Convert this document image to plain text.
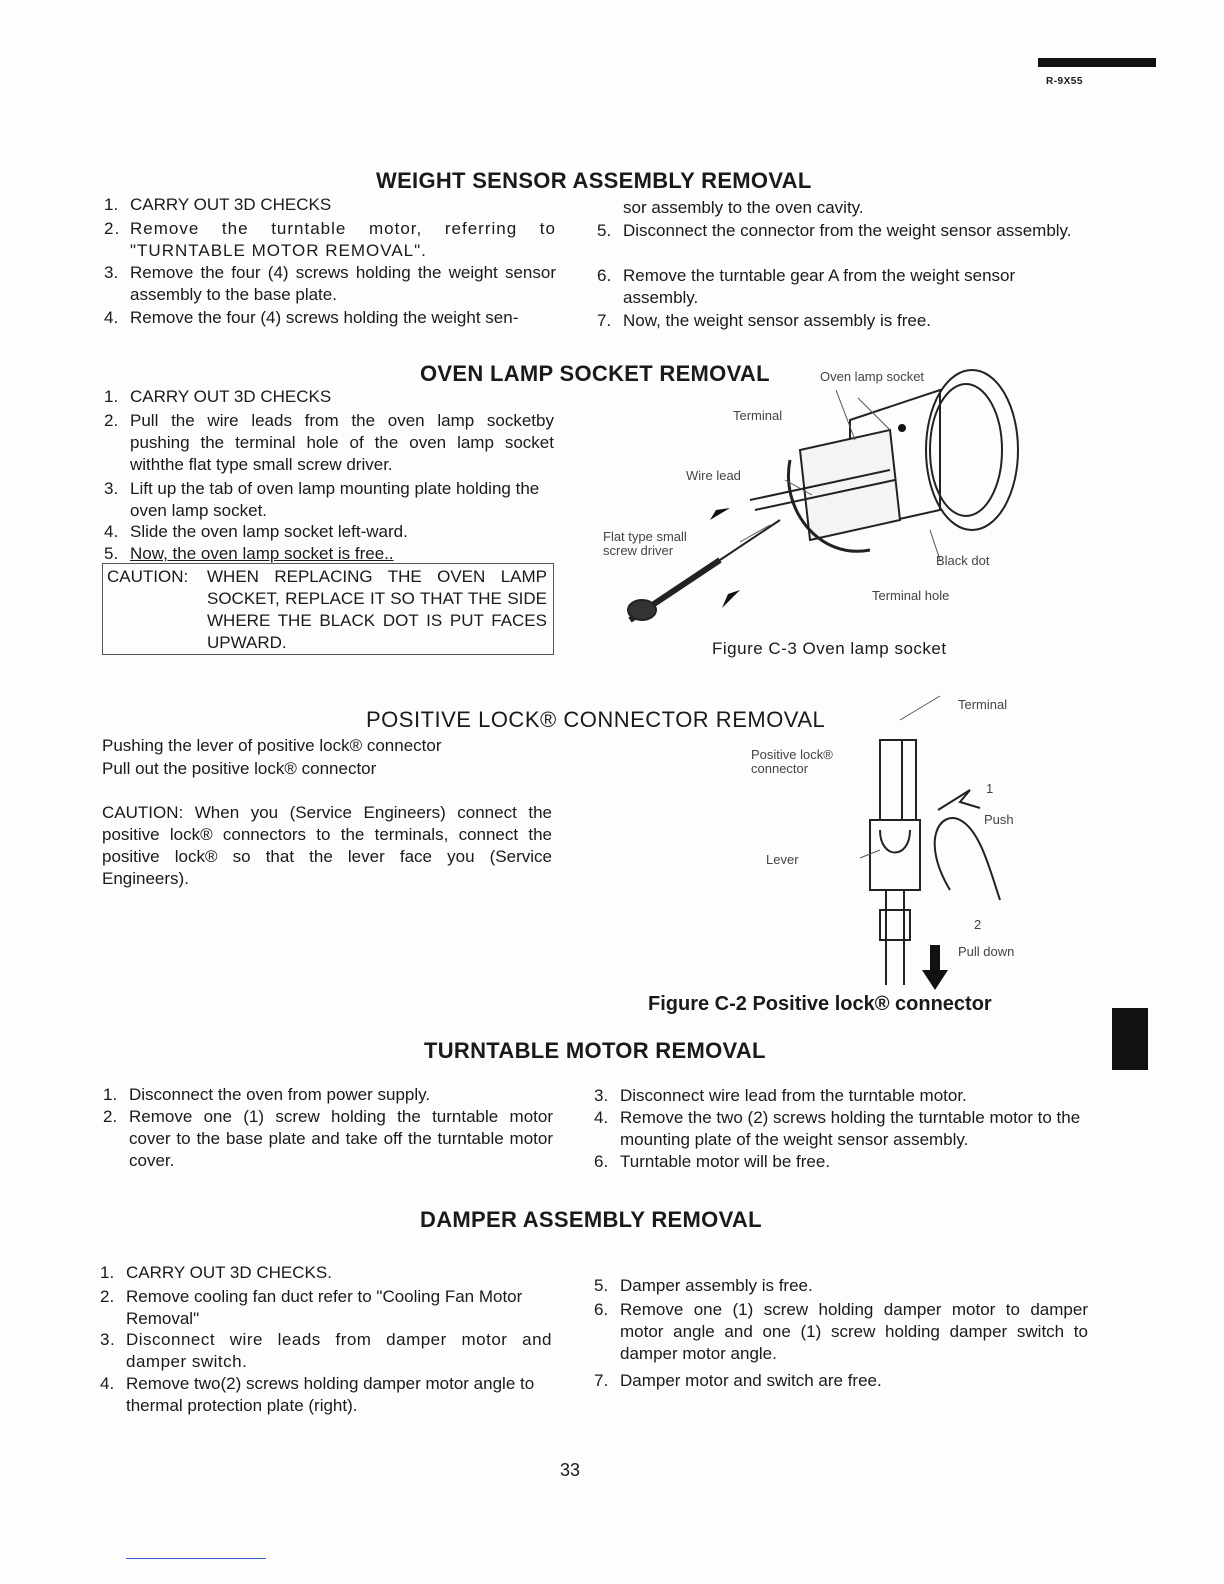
R-9X55
WEIGHT SENSOR ASSEMBLY REMOVAL
1. CARRY OUT 3D CHECKS
2. Remove the turntable motor, referring to "TURNTABLE MOTOR REMOVAL".
3. Remove the four (4) screws holding the weight sensor assembly to the base plate.
4. Remove the four (4) screws holding the weight sen-
sor assembly to the oven cavity.
5. Disconnect the connector from the weight sensor assembly.
6. Remove the turntable gear A from the weight sensor assembly.
7. Now, the weight sensor assembly is free.
OVEN LAMP SOCKET REMOVAL
1. CARRY OUT 3D CHECKS
2. Pull the wire leads from the oven lamp socketby pushing the terminal hole of the oven lamp socket withthe flat type small screw driver.
3. Lift up the tab of oven lamp mounting plate holding the oven lamp socket.
4. Slide the oven lamp socket left-ward.
5. Now, the oven lamp socket is free..
CAUTION: WHEN REPLACING THE OVEN LAMP SOCKET, REPLACE IT SO THAT THE SIDE WHERE THE BLACK DOT IS PUT FACES UPWARD.
Oven lamp socket
Terminal
Wire lead
Flat type small screw driver
Black dot
Terminal hole
Figure C-3 Oven lamp socket
POSITIVE LOCK® CONNECTOR REMOVAL
Pushing the lever of positive lock® connector
Pull out the positive lock® connector
CAUTION: When you (Service Engineers) connect the positive lock® connectors to the terminals, connect the positive lock® so that the lever face you (Service Engineers).
Terminal
Positive lock® connector
Lever
Push
1
2
Pull down
Figure C-2 Positive lock® connector
TURNTABLE MOTOR REMOVAL
1. Disconnect the oven from power supply.
2. Remove one (1) screw holding the turntable motor cover to the base plate and take off the turntable motor cover.
3. Disconnect wire lead from the turntable motor.
4. Remove the two (2) screws holding the turntable motor to the mounting plate of the weight sensor assembly.
6. Turntable motor will be free.
DAMPER ASSEMBLY REMOVAL
1. CARRY OUT 3D CHECKS.
2. Remove cooling fan duct refer to "Cooling Fan Motor Removal"
3. Disconnect wire leads from damper motor and damper switch.
4. Remove two(2) screws holding damper motor angle to thermal protection plate (right).
5. Damper assembly is free.
6. Remove one (1) screw holding damper motor to damper motor angle and one (1) screw holding damper switch to damper motor angle.
7. Damper motor and switch are free.
33
